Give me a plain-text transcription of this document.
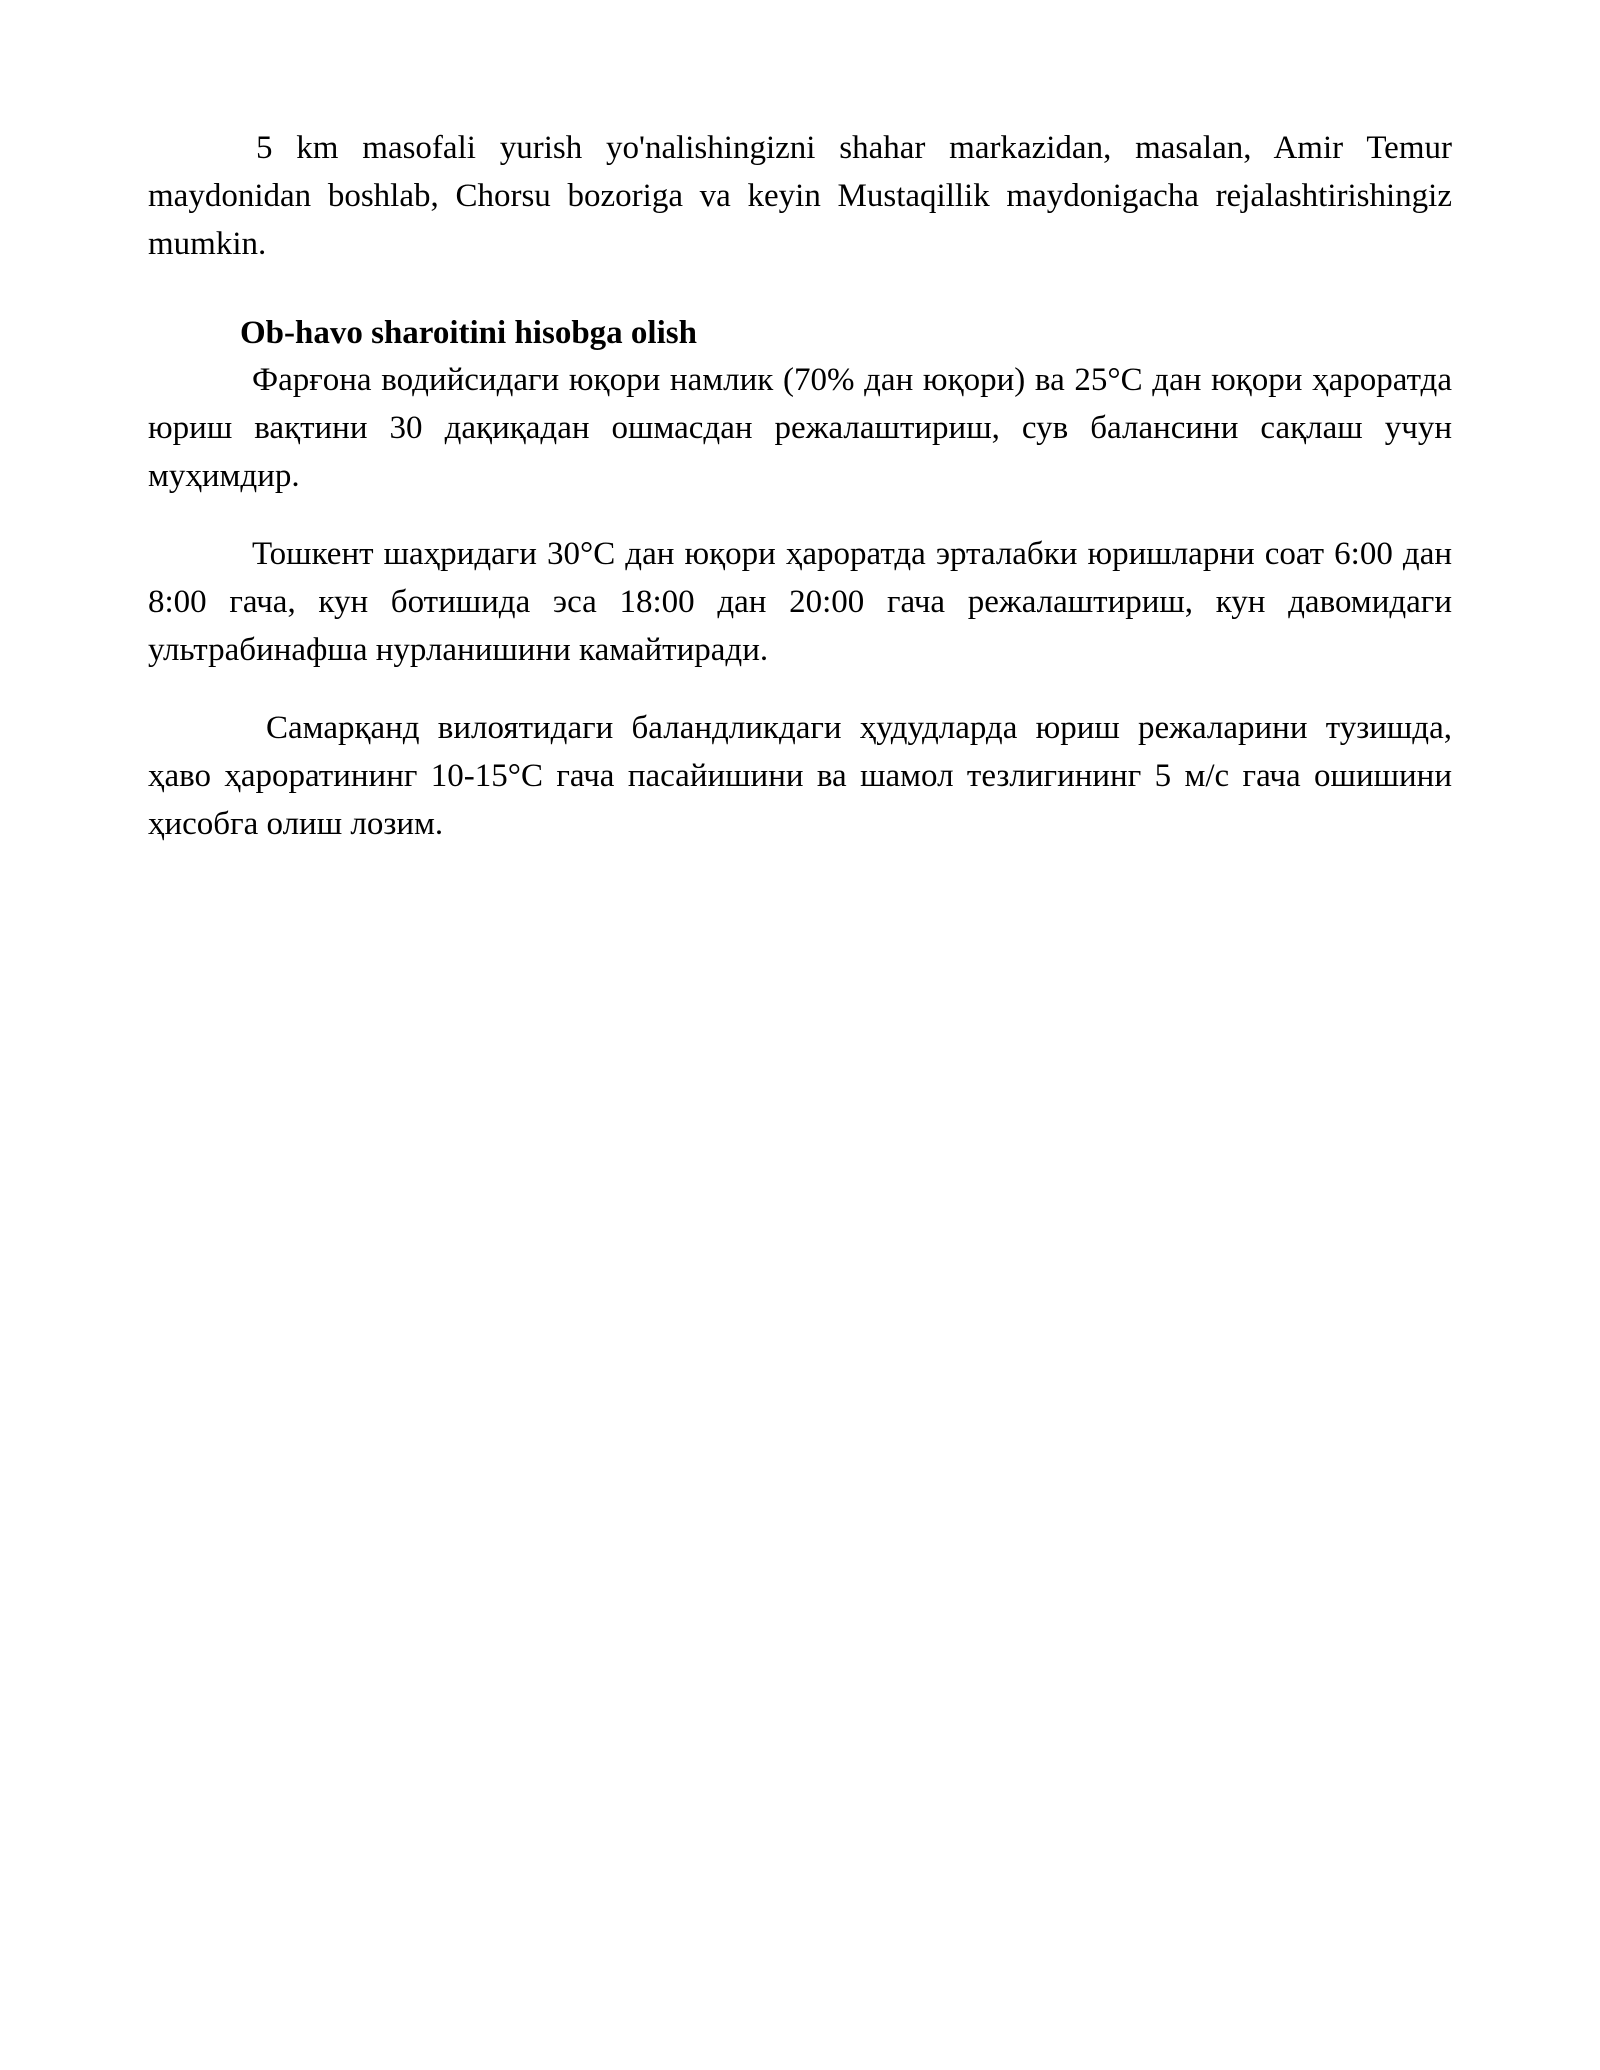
5 km masofali yurish yo'nalishingizni shahar markazidan, masalan, Amir Temur maydonidan boshlab, Chorsu bozoriga va keyin Mustaqillik maydonigacha rejalashtirishingiz mumkin.

Ob-havo sharoitini hisobga olish

Фарғона водийсидаги юқори намлик (70% дан юқори) ва 25°C дан юқори ҳароратда юриш вақтини 30 дақиқадан ошмасдан режалаштириш, сув балансини сақлаш учун муҳимдир.

Тошкент шаҳридаги 30°C дан юқори ҳароратда эрталабки юришларни соат 6:00 дан 8:00 гача, кун ботишида эса 18:00 дан 20:00 гача режалаштириш, кун давомидаги ультрабинафша нурланишини камайтиради.

Самарқанд вилоятидаги баландликдаги ҳудудларда юриш режаларини тузишда, ҳаво ҳароратининг 10-15°C гача пасайишини ва шамол тезлигининг 5 м/с гача ошишини ҳисобга олиш лозим.
